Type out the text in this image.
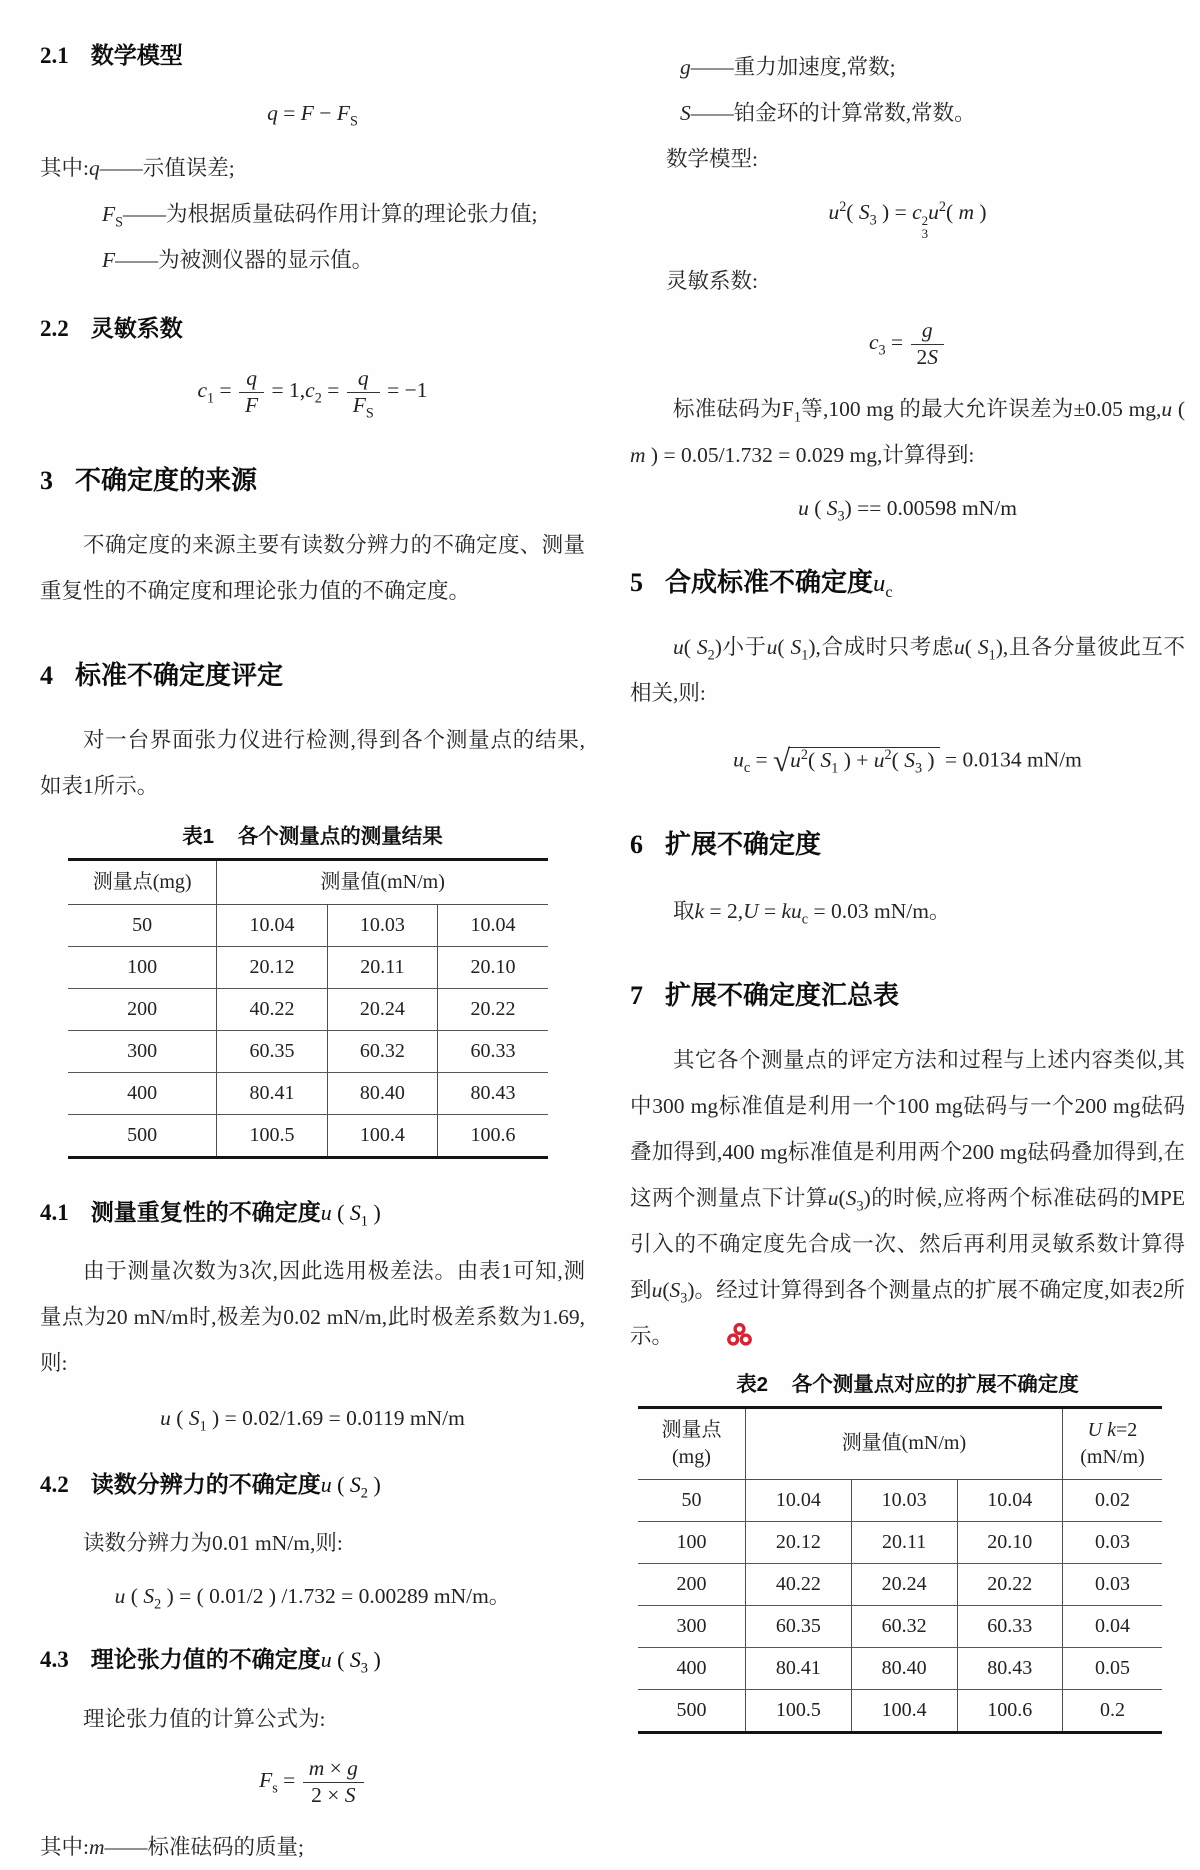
2.1 数学模型
$q = F - F_S$

其中:q——示值误差;

$F_S——$为根据质量砝码作用计算的理论张力值;

F——为被测仪器的显示值。

2.2 灵敏系数
$c_1 = \frac{q}{F} = 1,c_2 = \frac{q}{F_S} = -1$
3 不确定度的来源

不确定度的来源主要有读数分辨力的不确定度、测量重复性的不确定度和理论张力值的不确定度。

4 标准不确定度评定

对一台界面张力仪进行检测,得到各个测量点的结果,如表1所示。

表1 各个测量点的测量结果
测量点(mg)	测量值(mN/m)		
50	10.04	10.03	10.04
100	20.12	20.11	20.10
200	40.22	20.24	20.22
300	60.35	60.32	60.33
400	80.41	80.40	80.43
500	100.5	100.4	100.6
4.1 测量重复性的不确定度 u ( $S_1$ )

由于测量次数为3次,因此选用极差法。由表1可知,测量点为20 mN/m时,极差为0.02 mN/m,此时极差系数为1.69,则:

u ( $S_1$ ) = 0.02/1.69 = 0.0119 mN/m
4.2 读数分辨力的不确定度 u ( $S_2$ )

读数分辨力为0.01 mN/m,则:

u ( $S_2$ ) = ( 0.01/2 ) /1.732 = 0.00289 mN/m。
4.3 理论张力值的不确定度 u ( $S_3$ )

理论张力值的计算公式为:

$F_s = \frac{m \times g}{2 \times S}$

其中:m——标准砝码的质量;

g——重力加速度,常数;

S——铂金环的计算常数,常数。

数学模型:

$u^2$( $S_3$ ) = c 2
3
$u^2$( m )

灵敏系数:

$c_3 = \frac{g}{2S}$

标准砝码为$F_1$等,100 mg 的最大允许误差为±0.05 mg,u ( m ) = 0.05/1.732 = 0.029 mg,计算得到:

u ( $S_3) == 0.00598$ mN/m
5 合成标准不确定度 $u_c$

u( $S_2$)小于u( $S_1$),合成时只考虑u( $S_1$),且各分量彼此互不相关,则:

$u_c = √u^2$( $S_1$ ) + $u^2$( $S_3$ ) = 0.0134 mN/m
6 扩展不确定度

取$k = 2,U = ku_c = 0.03$ mN/m。

7 扩展不确定度汇总表

其它各个测量点的评定方法和过程与上述内容类似,其中300 mg标准值是利用一个100 mg砝码与一个200 mg砝码叠加得到,400 mg标准值是利用两个200 mg砝码叠加得到,在这两个测量点下计算$u(S_3)$的时候,应将两个标准砝码的MPE引入的不确定度先合成一次、然后再利用灵敏系数计算得到$u(S_3)$。经过计算得到各个测量点的扩展不确定度,如表2所示。

表2 各个测量点对应的扩展不确定度
测量点
(mg)	测量值(mN/m)			U k=2
(mN/m)
50	10.04	10.03	10.04	0.02
100	20.12	20.11	20.10	0.03
200	40.22	20.24	20.22	0.03
300	60.35	60.32	60.33	0.04
400	80.41	80.40	80.43	0.05
500	100.5	100.4	100.6	0.2
